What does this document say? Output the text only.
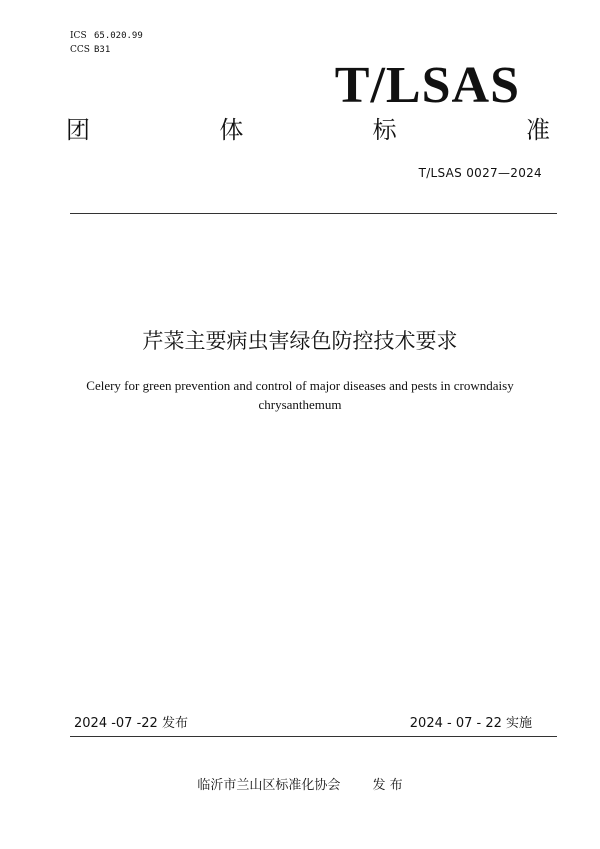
ICS 65.020.99
CCS B31
T/LSAS
团	体	标	准
T/LSAS 0027—2024
芹菜主要病虫害绿色防控技术要求
Celery for green prevention and control of major diseases and pests in crowndaisy chrysanthemum
2024 -07 -22 发布	2024 - 07 - 22 实施
临沂市兰山区标准化协会 发 布
